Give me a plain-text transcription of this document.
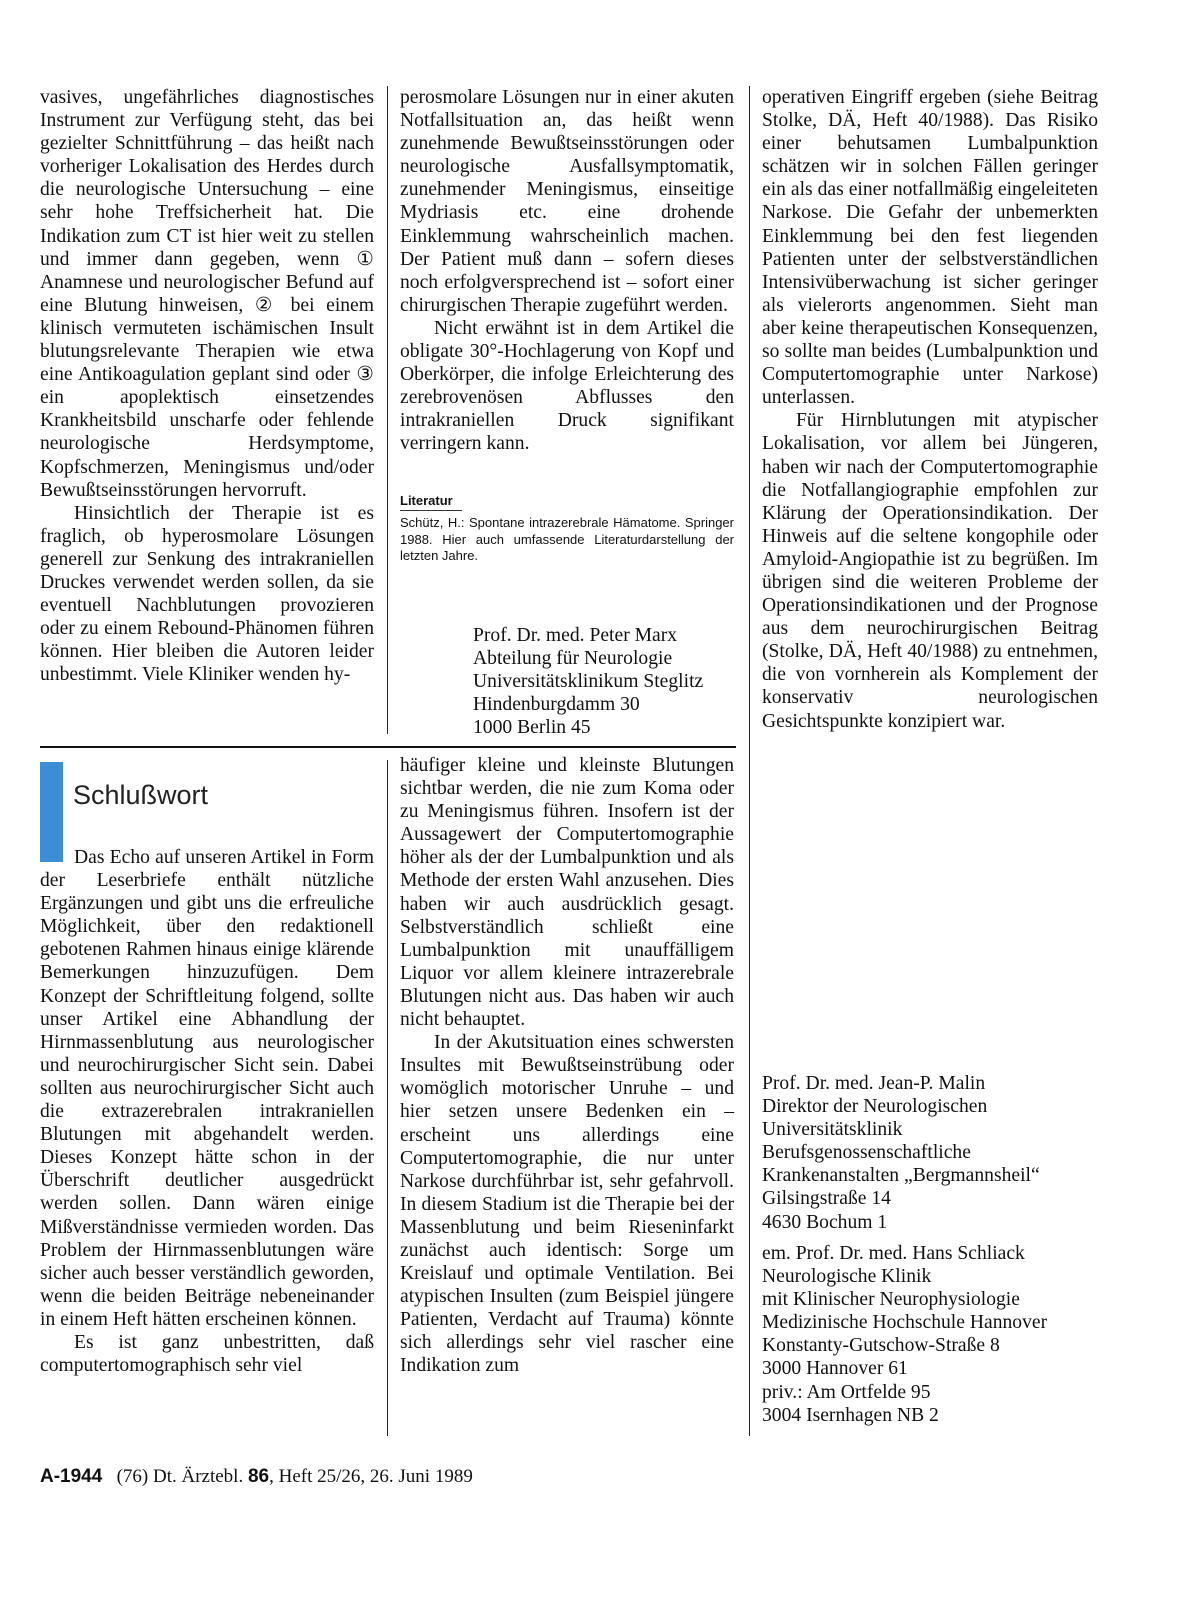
vasives, ungefährliches diagnostisches Instrument zur Verfügung steht, das bei gezielter Schnittführung – das heißt nach vorheriger Lokalisation des Herdes durch die neurologische Untersuchung – eine sehr hohe Treffsicherheit hat. Die Indikation zum CT ist hier weit zu stellen und immer dann gegeben, wenn ① Anamnese und neurologischer Befund auf eine Blutung hinweisen, ② bei einem klinisch vermuteten ischämischen Insult blutungsrelevante Therapien wie etwa eine Antikoagulation geplant sind oder ③ ein apoplektisch einsetzendes Krankheitsbild unscharfe oder fehlende neurologische Herdsymptome, Kopfschmerzen, Meningismus und/oder Bewußtseinsstörungen hervorruft.

Hinsichtlich der Therapie ist es fraglich, ob hyperosmolare Lösungen generell zur Senkung des intrakraniellen Druckes verwendet werden sollen, da sie eventuell Nachblutungen provozieren oder zu einem Rebound-Phänomen führen können. Hier bleiben die Autoren leider unbestimmt. Viele Kliniker wenden hy-

perosmolare Lösungen nur in einer akuten Notfallsituation an, das heißt wenn zunehmende Bewußtseinsstörungen oder neurologische Ausfallsymptomatik, zunehmender Meningismus, einseitige Mydriasis etc. eine drohende Einklemmung wahrscheinlich machen. Der Patient muß dann – sofern dieses noch erfolgversprechend ist – sofort einer chirurgischen Therapie zugeführt werden.

Nicht erwähnt ist in dem Artikel die obligate 30°-Hochlagerung von Kopf und Oberkörper, die infolge Erleichterung des zerebrovenösen Abflusses den intrakraniellen Druck signifikant verringern kann.

Literatur
Schütz, H.: Spontane intrazerebrale Hämatome. Springer 1988. Hier auch umfassende Literaturdarstellung der letzten Jahre.
Prof. Dr. med. Peter Marx
Abteilung für Neurologie
Universitätsklinikum Steglitz
Hindenburgdamm 30
1000 Berlin 45
Schlußwort

Das Echo auf unseren Artikel in Form der Leserbriefe enthält nützliche Ergänzungen und gibt uns die erfreuliche Möglichkeit, über den redaktionell gebotenen Rahmen hinaus einige klärende Bemerkungen hinzuzufügen. Dem Konzept der Schriftleitung folgend, sollte unser Artikel eine Abhandlung der Hirnmassenblutung aus neurologischer und neurochirurgischer Sicht sein. Dabei sollten aus neurochirurgischer Sicht auch die extrazerebralen intrakraniellen Blutungen mit abgehandelt werden. Dieses Konzept hätte schon in der Überschrift deutlicher ausgedrückt werden sollen. Dann wären einige Mißverständnisse vermieden worden. Das Problem der Hirnmassenblutungen wäre sicher auch besser verständlich geworden, wenn die beiden Beiträge nebeneinander in einem Heft hätten erscheinen können.

Es ist ganz unbestritten, daß computertomographisch sehr viel

häufiger kleine und kleinste Blutungen sichtbar werden, die nie zum Koma oder zu Meningismus führen. Insofern ist der Aussagewert der Computertomographie höher als der der Lumbalpunktion und als Methode der ersten Wahl anzusehen. Dies haben wir auch ausdrücklich gesagt. Selbstverständlich schließt eine Lumbalpunktion mit unauffälligem Liquor vor allem kleinere intrazerebrale Blutungen nicht aus. Das haben wir auch nicht behauptet.

In der Akutsituation eines schwersten Insultes mit Bewußtseinstrübung oder womöglich motorischer Unruhe – und hier setzen unsere Bedenken ein – erscheint uns allerdings eine Computertomographie, die nur unter Narkose durchführbar ist, sehr gefahrvoll. In diesem Stadium ist die Therapie bei der Massenblutung und beim Rieseninfarkt zunächst auch identisch: Sorge um Kreislauf und optimale Ventilation. Bei atypischen Insulten (zum Beispiel jüngere Patienten, Verdacht auf Trauma) könnte sich allerdings sehr viel rascher eine Indikation zum

operativen Eingriff ergeben (siehe Beitrag Stolke, DÄ, Heft 40/1988). Das Risiko einer behutsamen Lumbalpunktion schätzen wir in solchen Fällen geringer ein als das einer notfallmäßig eingeleiteten Narkose. Die Gefahr der unbemerkten Einklemmung bei den fest liegenden Patienten unter der selbstverständlichen Intensivüberwachung ist sicher geringer als vielerorts angenommen. Sieht man aber keine therapeutischen Konsequenzen, so sollte man beides (Lumbalpunktion und Computertomographie unter Narkose) unterlassen.

Für Hirnblutungen mit atypischer Lokalisation, vor allem bei Jüngeren, haben wir nach der Computertomographie die Notfallangiographie empfohlen zur Klärung der Operationsindikation. Der Hinweis auf die seltene kongophile oder Amyloid-Angiopathie ist zu begrüßen. Im übrigen sind die weiteren Probleme der Operationsindikationen und der Prognose aus dem neurochirurgischen Beitrag (Stolke, DÄ, Heft 40/1988) zu entnehmen, die von vornherein als Komplement der konservativ neurologischen Gesichtspunkte konzipiert war.

Prof. Dr. med. Jean-P. Malin
Direktor der Neurologischen
Universitätsklinik
Berufsgenossenschaftliche
Krankenanstalten „Bergmannsheil“
Gilsingstraße 14
4630 Bochum 1
em. Prof. Dr. med. Hans Schliack
Neurologische Klinik
mit Klinischer Neurophysiologie
Medizinische Hochschule Hannover
Konstanty-Gutschow-Straße 8
3000 Hannover 61
priv.: Am Ortfelde 95
3004 Isernhagen NB 2
A-1944 (76) Dt. Ärztebl. 86, Heft 25/26, 26. Juni 1989
